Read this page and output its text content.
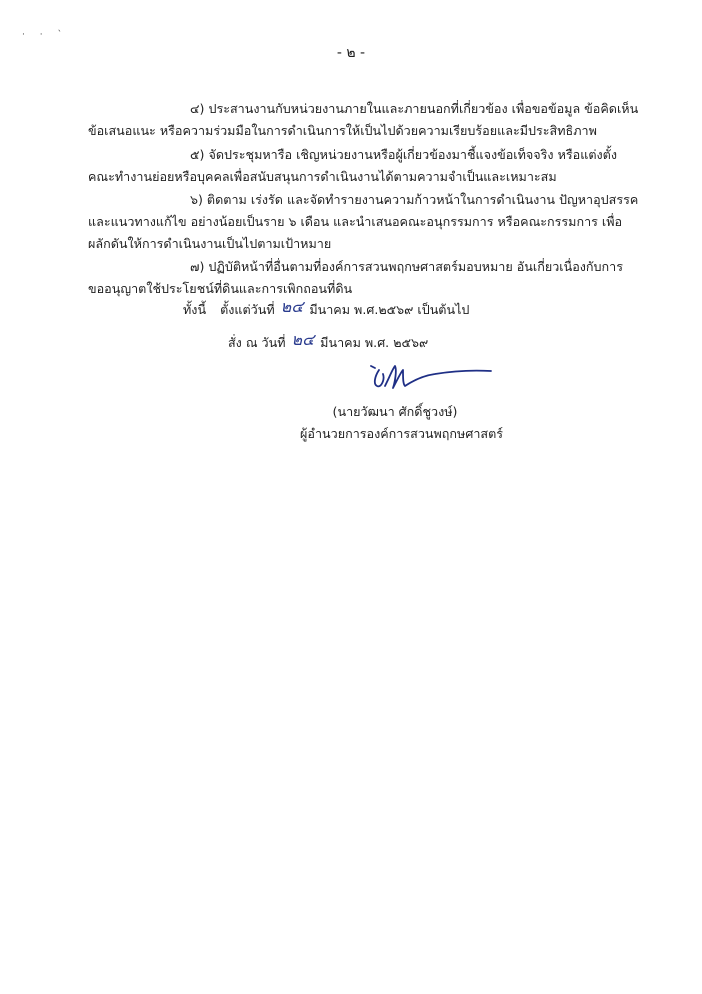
· · `
- ๒ -
๔) ประสานงานกับหน่วยงานภายในและภายนอกที่เกี่ยวข้อง เพื่อขอข้อมูล ข้อคิดเห็น
ข้อเสนอแนะ หรือความร่วมมือในการดำเนินการให้เป็นไปด้วยความเรียบร้อยและมีประสิทธิภาพ
๕) จัดประชุมหารือ เชิญหน่วยงานหรือผู้เกี่ยวข้องมาชี้แจงข้อเท็จจริง หรือแต่งตั้ง
คณะทำงานย่อยหรือบุคคลเพื่อสนับสนุนการดำเนินงานได้ตามความจำเป็นและเหมาะสม
๖) ติดตาม เร่งรัด และจัดทำรายงานความก้าวหน้าในการดำเนินงาน ปัญหาอุปสรรค
และแนวทางแก้ไข อย่างน้อยเป็นราย ๖ เดือน และนำเสนอคณะอนุกรรมการ หรือคณะกรรมการ เพื่อ
ผลักดันให้การดำเนินงานเป็นไปตามเป้าหมาย
๗) ปฏิบัติหน้าที่อื่นตามที่องค์การสวนพฤกษศาสตร์มอบหมาย อันเกี่ยวเนื่องกับการ
ขออนุญาตใช้ประโยชน์ที่ดินและการเพิกถอนที่ดิน
ทั้งนี้ ตั้งแต่วันที่ ๒๔ มีนาคม พ.ศ.๒๕๖๙ เป็นต้นไป
สั่ง ณ วันที่ ๒๔ มีนาคม พ.ศ. ๒๕๖๙
(นายวัฒนา ศักดิ์ชูวงษ์)
ผู้อำนวยการองค์การสวนพฤกษศาสตร์
